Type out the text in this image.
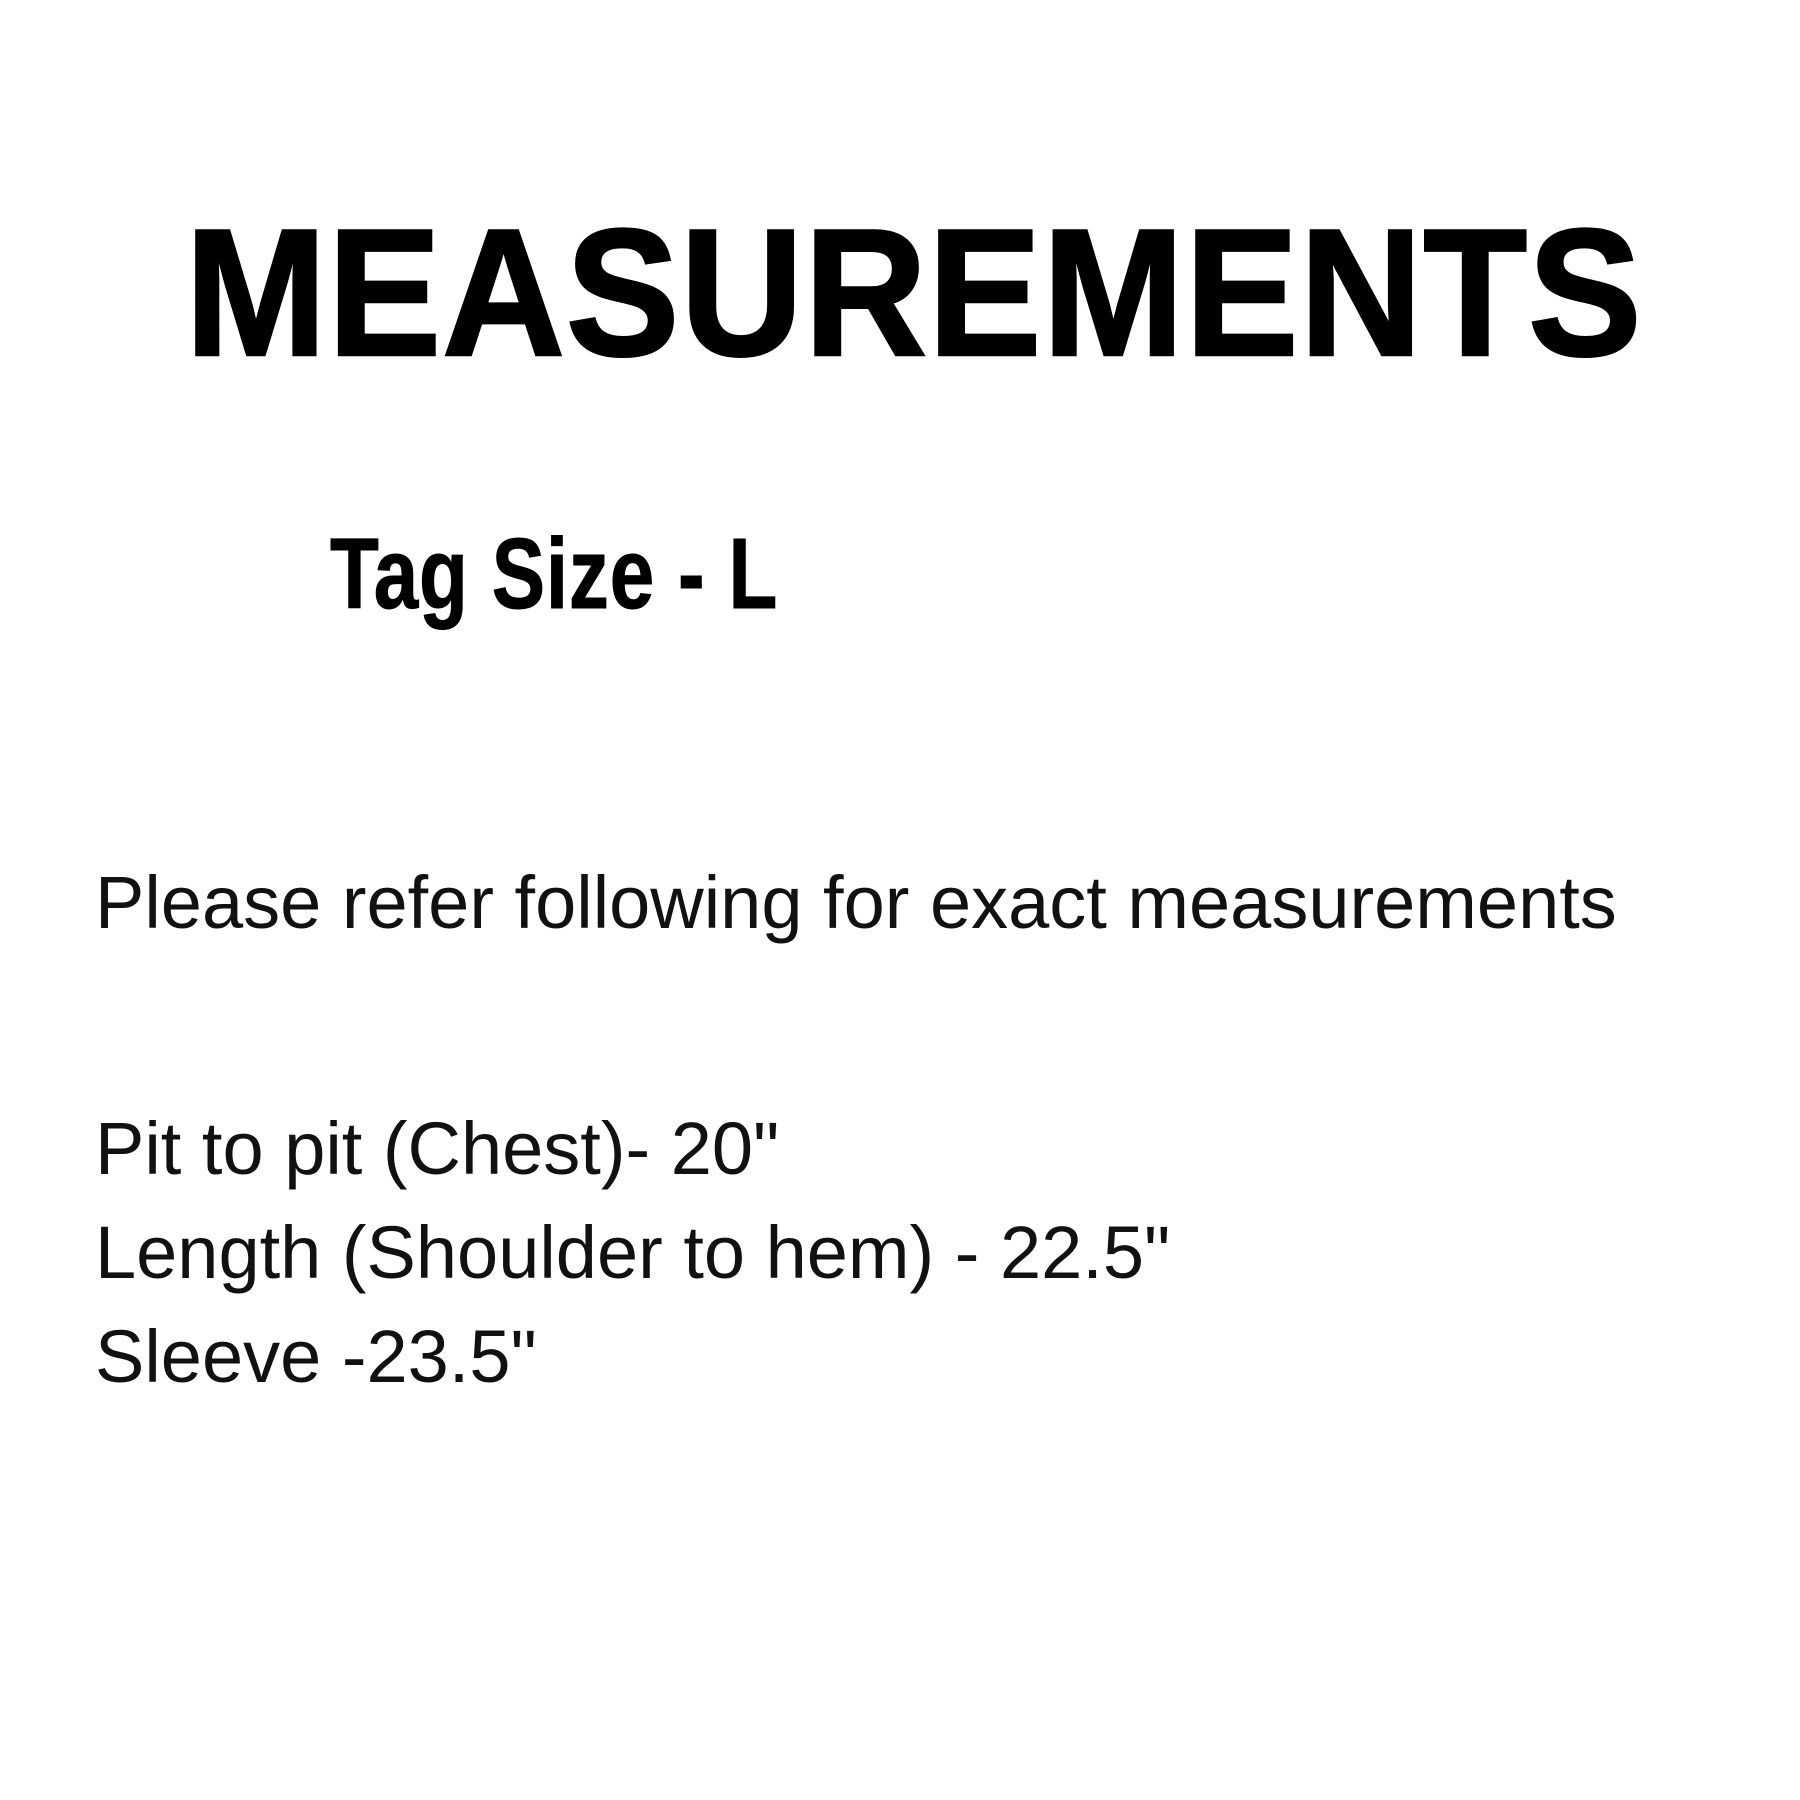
MEASUREMENTS
Tag Size - L
Please refer following for exact measurements
Pit to pit (Chest)- 20"
Length (Shoulder to hem) - 22.5"
Sleeve -23.5"
